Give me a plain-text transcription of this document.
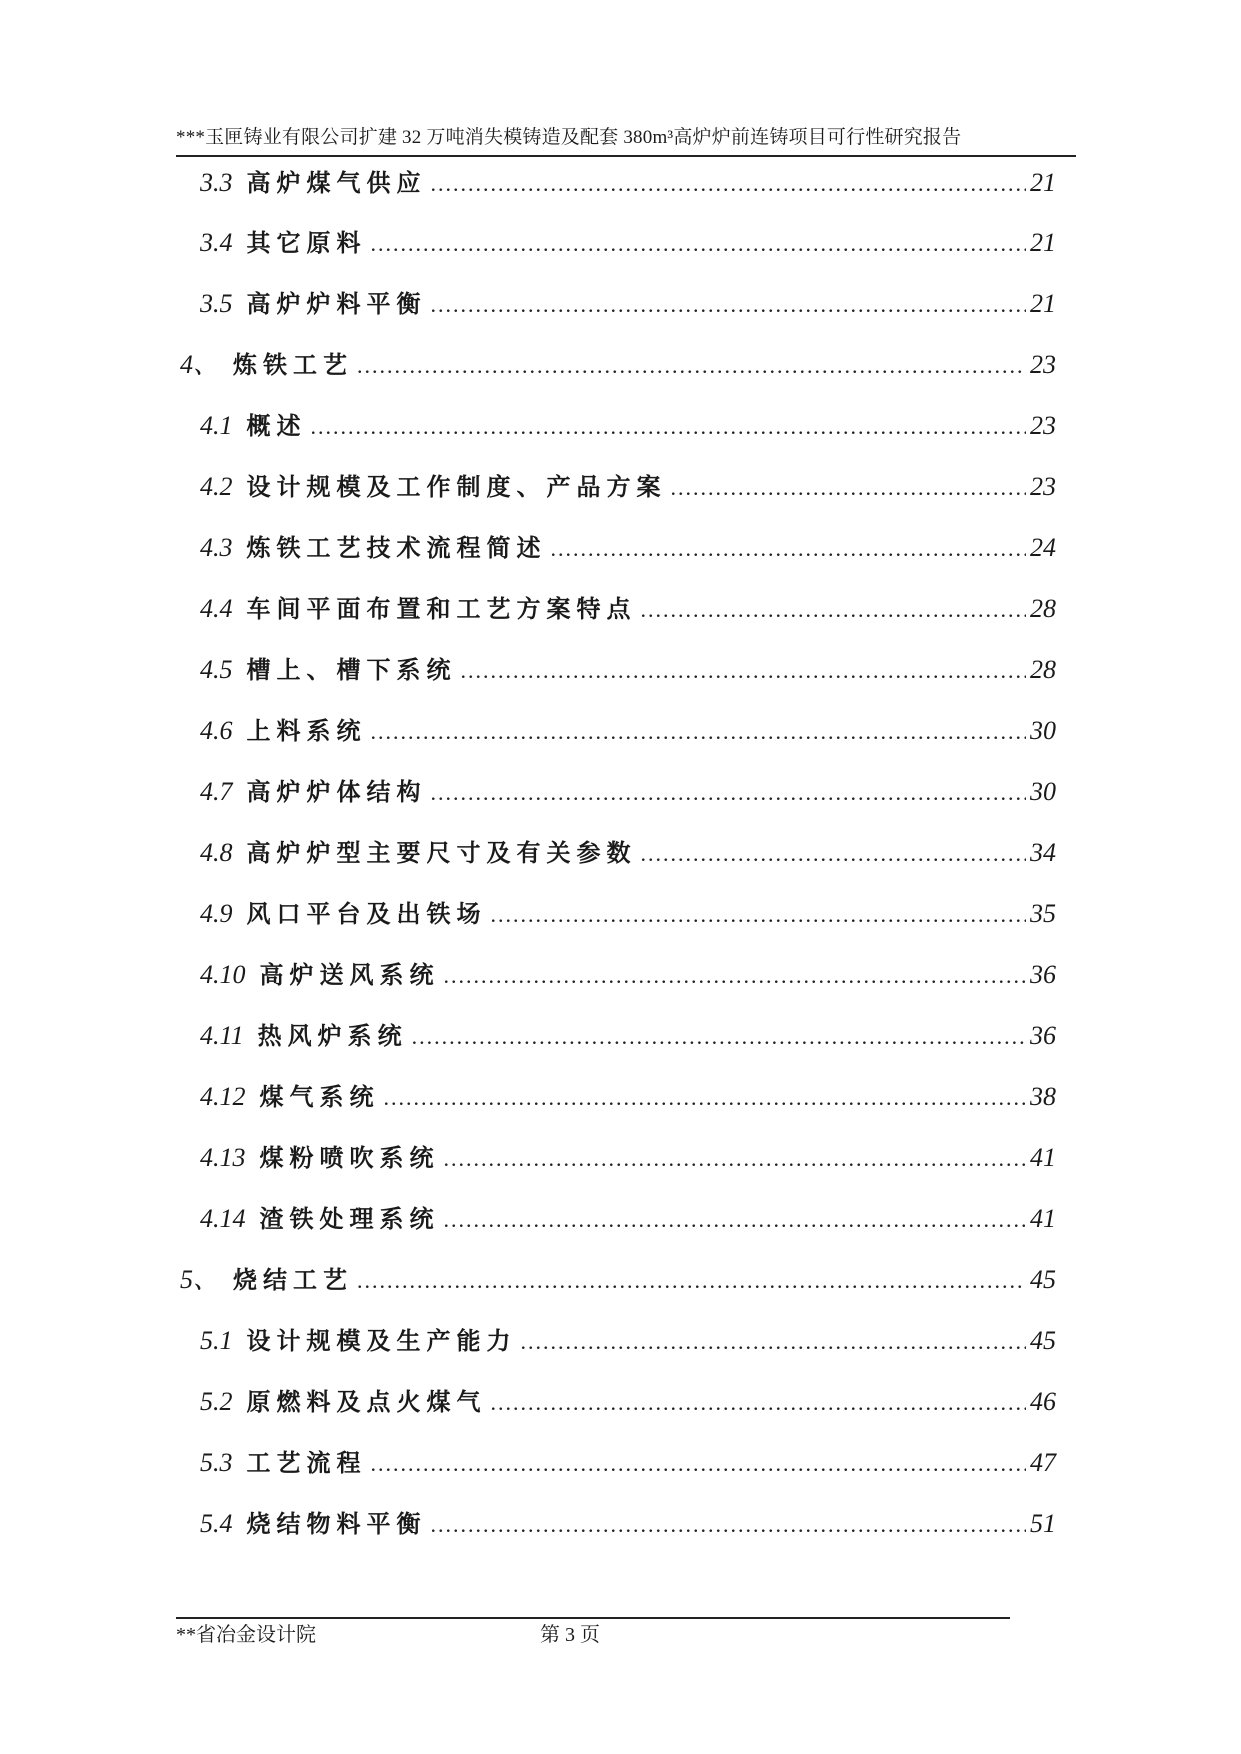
***玉匣铸业有限公司扩建 32 万吨消失模铸造及配套 380m³高炉炉前连铸项目可行性研究报告
3.3 高炉煤气供应 .....	21
3.4 其它原料 .....	21
3.5 高炉炉料平衡 .....	21
4、 炼铁工艺 .....	23
4.1 概述 .....	23
4.2 设计规模及工作制度、产品方案 .....	23
4.3 炼铁工艺技术流程简述 .....	24
4.4 车间平面布置和工艺方案特点 .....	28
4.5 槽上、槽下系统 .....	28
4.6 上料系统 .....	30
4.7 高炉炉体结构 .....	30
4.8 高炉炉型主要尺寸及有关参数 .....	34
4.9 风口平台及出铁场 .....	35
4.10 高炉送风系统 .....	36
4.11 热风炉系统 .....	36
4.12 煤气系统 .....	38
4.13 煤粉喷吹系统 .....	41
4.14 渣铁处理系统 .....	41
5、 烧结工艺 .....	45
5.1 设计规模及生产能力 .....	45
5.2 原燃料及点火煤气 .....	46
5.3 工艺流程 .....	47
5.4 烧结物料平衡 .....	51
**省冶金设计院	第 3 页
